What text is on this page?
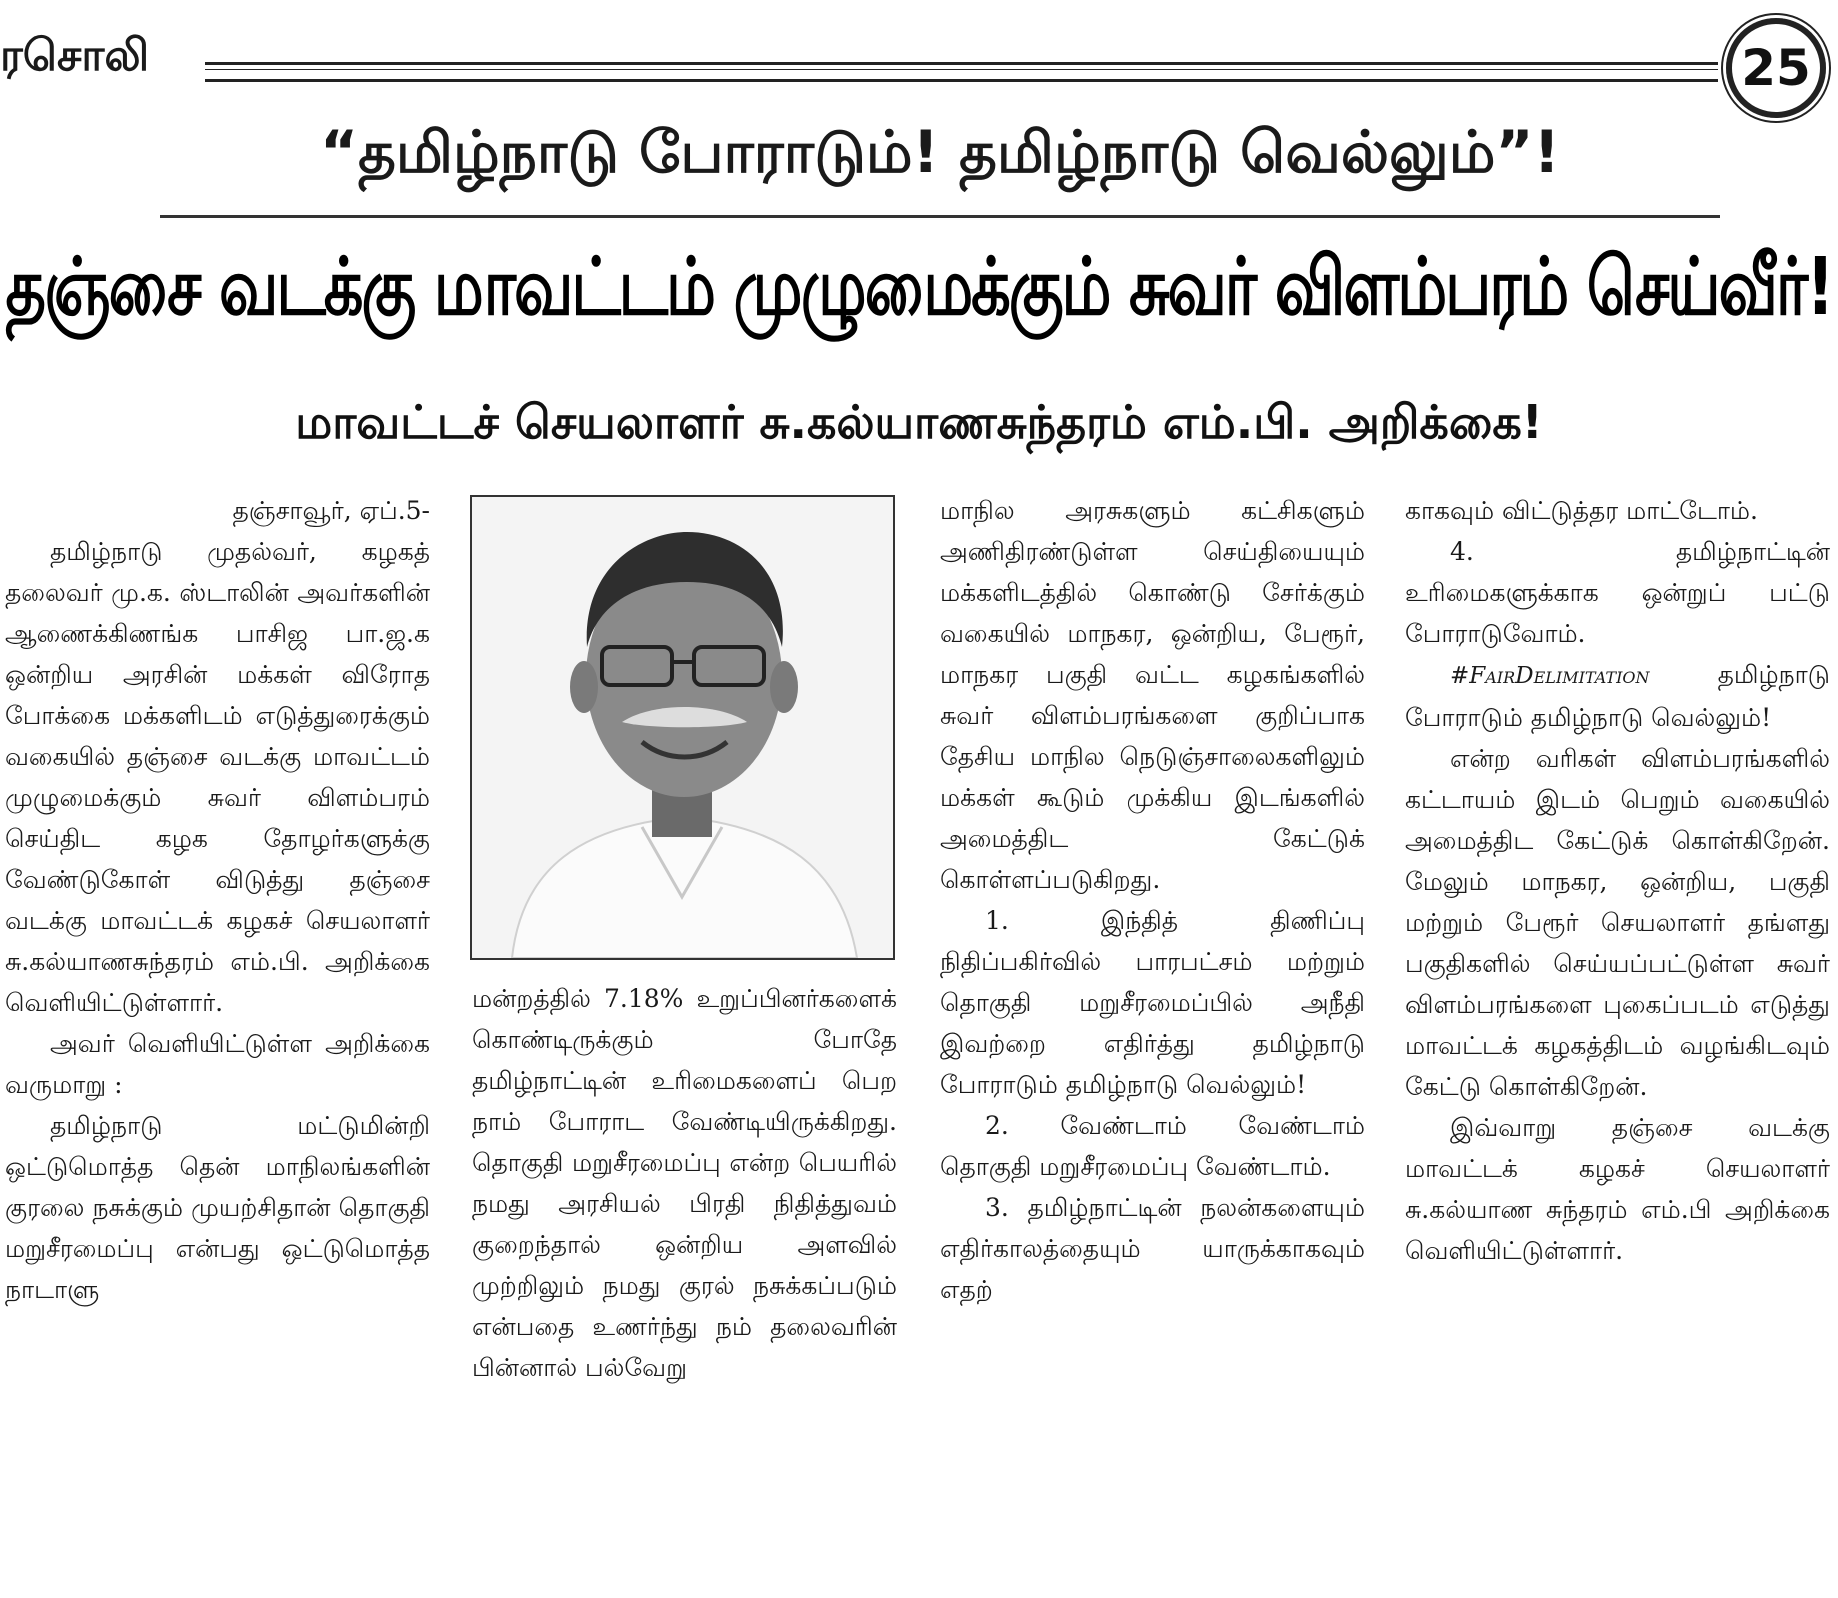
ரசொலி	25
“தமிழ்நாடு போராடும்! தமிழ்நாடு வெல்லும்”!
தஞ்சை வடக்கு மாவட்டம் முழுமைக்கும் சுவர் விளம்பரம் செய்வீர்!
மாவட்டச் செயலாளர் சு.கல்யாணசுந்தரம் எம்.பி. அறிக்கை!

தஞ்சாவூர், ஏப்.5-

தமிழ்நாடு முதல்வர், கழகத் தலைவர் மு.க. ஸ்டாலின் அவர்களின் ஆணைக்கிணங்க பாசிஜ பா.ஜ.க ஒன்றிய அரசின் மக்கள் விரோத போக்கை மக்களிடம் எடுத்துரைக்கும் வகையில் தஞ்சை வடக்கு மாவட்டம் முழுமைக்கும் சுவர் விளம்பரம் செய்திட கழக தோழர்களுக்கு வேண்டுகோள் விடுத்து தஞ்சை வடக்கு மாவட்டக் கழகச் செயலாளர் சு.கல்யாணசுந்தரம் எம்.பி. அறிக்கை வெளியிட்டுள்ளார்.

அவர் வெளியிட்டுள்ள அறிக்கை வருமாறு :

தமிழ்நாடு மட்டுமின்றி ஒட்டுமொத்த தென் மாநிலங்களின் குரலை நசுக்கும் முயற்சிதான் தொகுதி மறுசீரமைப்பு என்பது ஒட்டுமொத்த நாடாளு

மன்றத்தில் 7.18% உறுப்பினர்களைக் கொண்டிருக்கும் போதே தமிழ்நாட்டின் உரிமைகளைப் பெற நாம் போராட வேண்டியிருக்கிறது. தொகுதி மறுசீரமைப்பு என்ற பெயரில் நமது அரசியல் பிரதி நிதித்துவம் குறைந்தால் ஒன்றிய அளவில் முற்றிலும் நமது குரல் நசுக்கப்படும் என்பதை உணர்ந்து நம் தலைவரின் பின்னால் பல்வேறு

மாநில அரசுகளும் கட்சிகளும் அணிதிரண்டுள்ள செய்தியையும் மக்களிடத்தில் கொண்டு சேர்க்கும் வகையில் மாநகர, ஒன்றிய, பேரூர், மாநகர பகுதி வட்ட கழகங்களில் சுவர் விளம்பரங்களை குறிப்பாக தேசிய மாநில நெடுஞ்சாலைகளிலும் மக்கள் கூடும் முக்கிய இடங்களில் அமைத்திட கேட்டுக் கொள்ளப்படுகிறது.

1. இந்தித் திணிப்பு நிதிப்பகிர்வில் பாரபட்சம் மற்றும் தொகுதி மறுசீரமைப்பில் அநீதி இவற்றை எதிர்த்து தமிழ்நாடு போராடும் தமிழ்நாடு வெல்லும்!

2. வேண்டாம் வேண்டாம் தொகுதி மறுசீரமைப்பு வேண்டாம்.

3. தமிழ்நாட்டின் நலன்களையும் எதிர்காலத்தையும் யாருக்காகவும் எதற்

காகவும் விட்டுத்தர மாட்டோம்.

4. தமிழ்நாட்டின் உரிமைகளுக்காக ஒன்றுப் பட்டு போராடுவோம்.

#FairDelimitation	தமிழ்நாடு போராடும் தமிழ்நாடு வெல்லும்!

என்ற வரிகள் விளம்பரங்களில் கட்டாயம் இடம் பெறும் வகையில் அமைத்திட கேட்டுக் கொள்கிறேன். மேலும் மாநகர, ஒன்றிய, பகுதி மற்றும் பேரூர் செயலாளர் தங்ளது பகுதிகளில் செய்யப்பட்டுள்ள சுவர் விளம்பரங்களை புகைப்படம் எடுத்து மாவட்டக் கழகத்திடம் வழங்கிடவும் கேட்டு கொள்கிறேன்.

இவ்வாறு தஞ்சை வடக்கு மாவட்டக் கழகச் செயலாளர் சு.கல்யாண சுந்தரம் எம்.பி அறிக்கை வெளியிட்டுள்ளார்.
